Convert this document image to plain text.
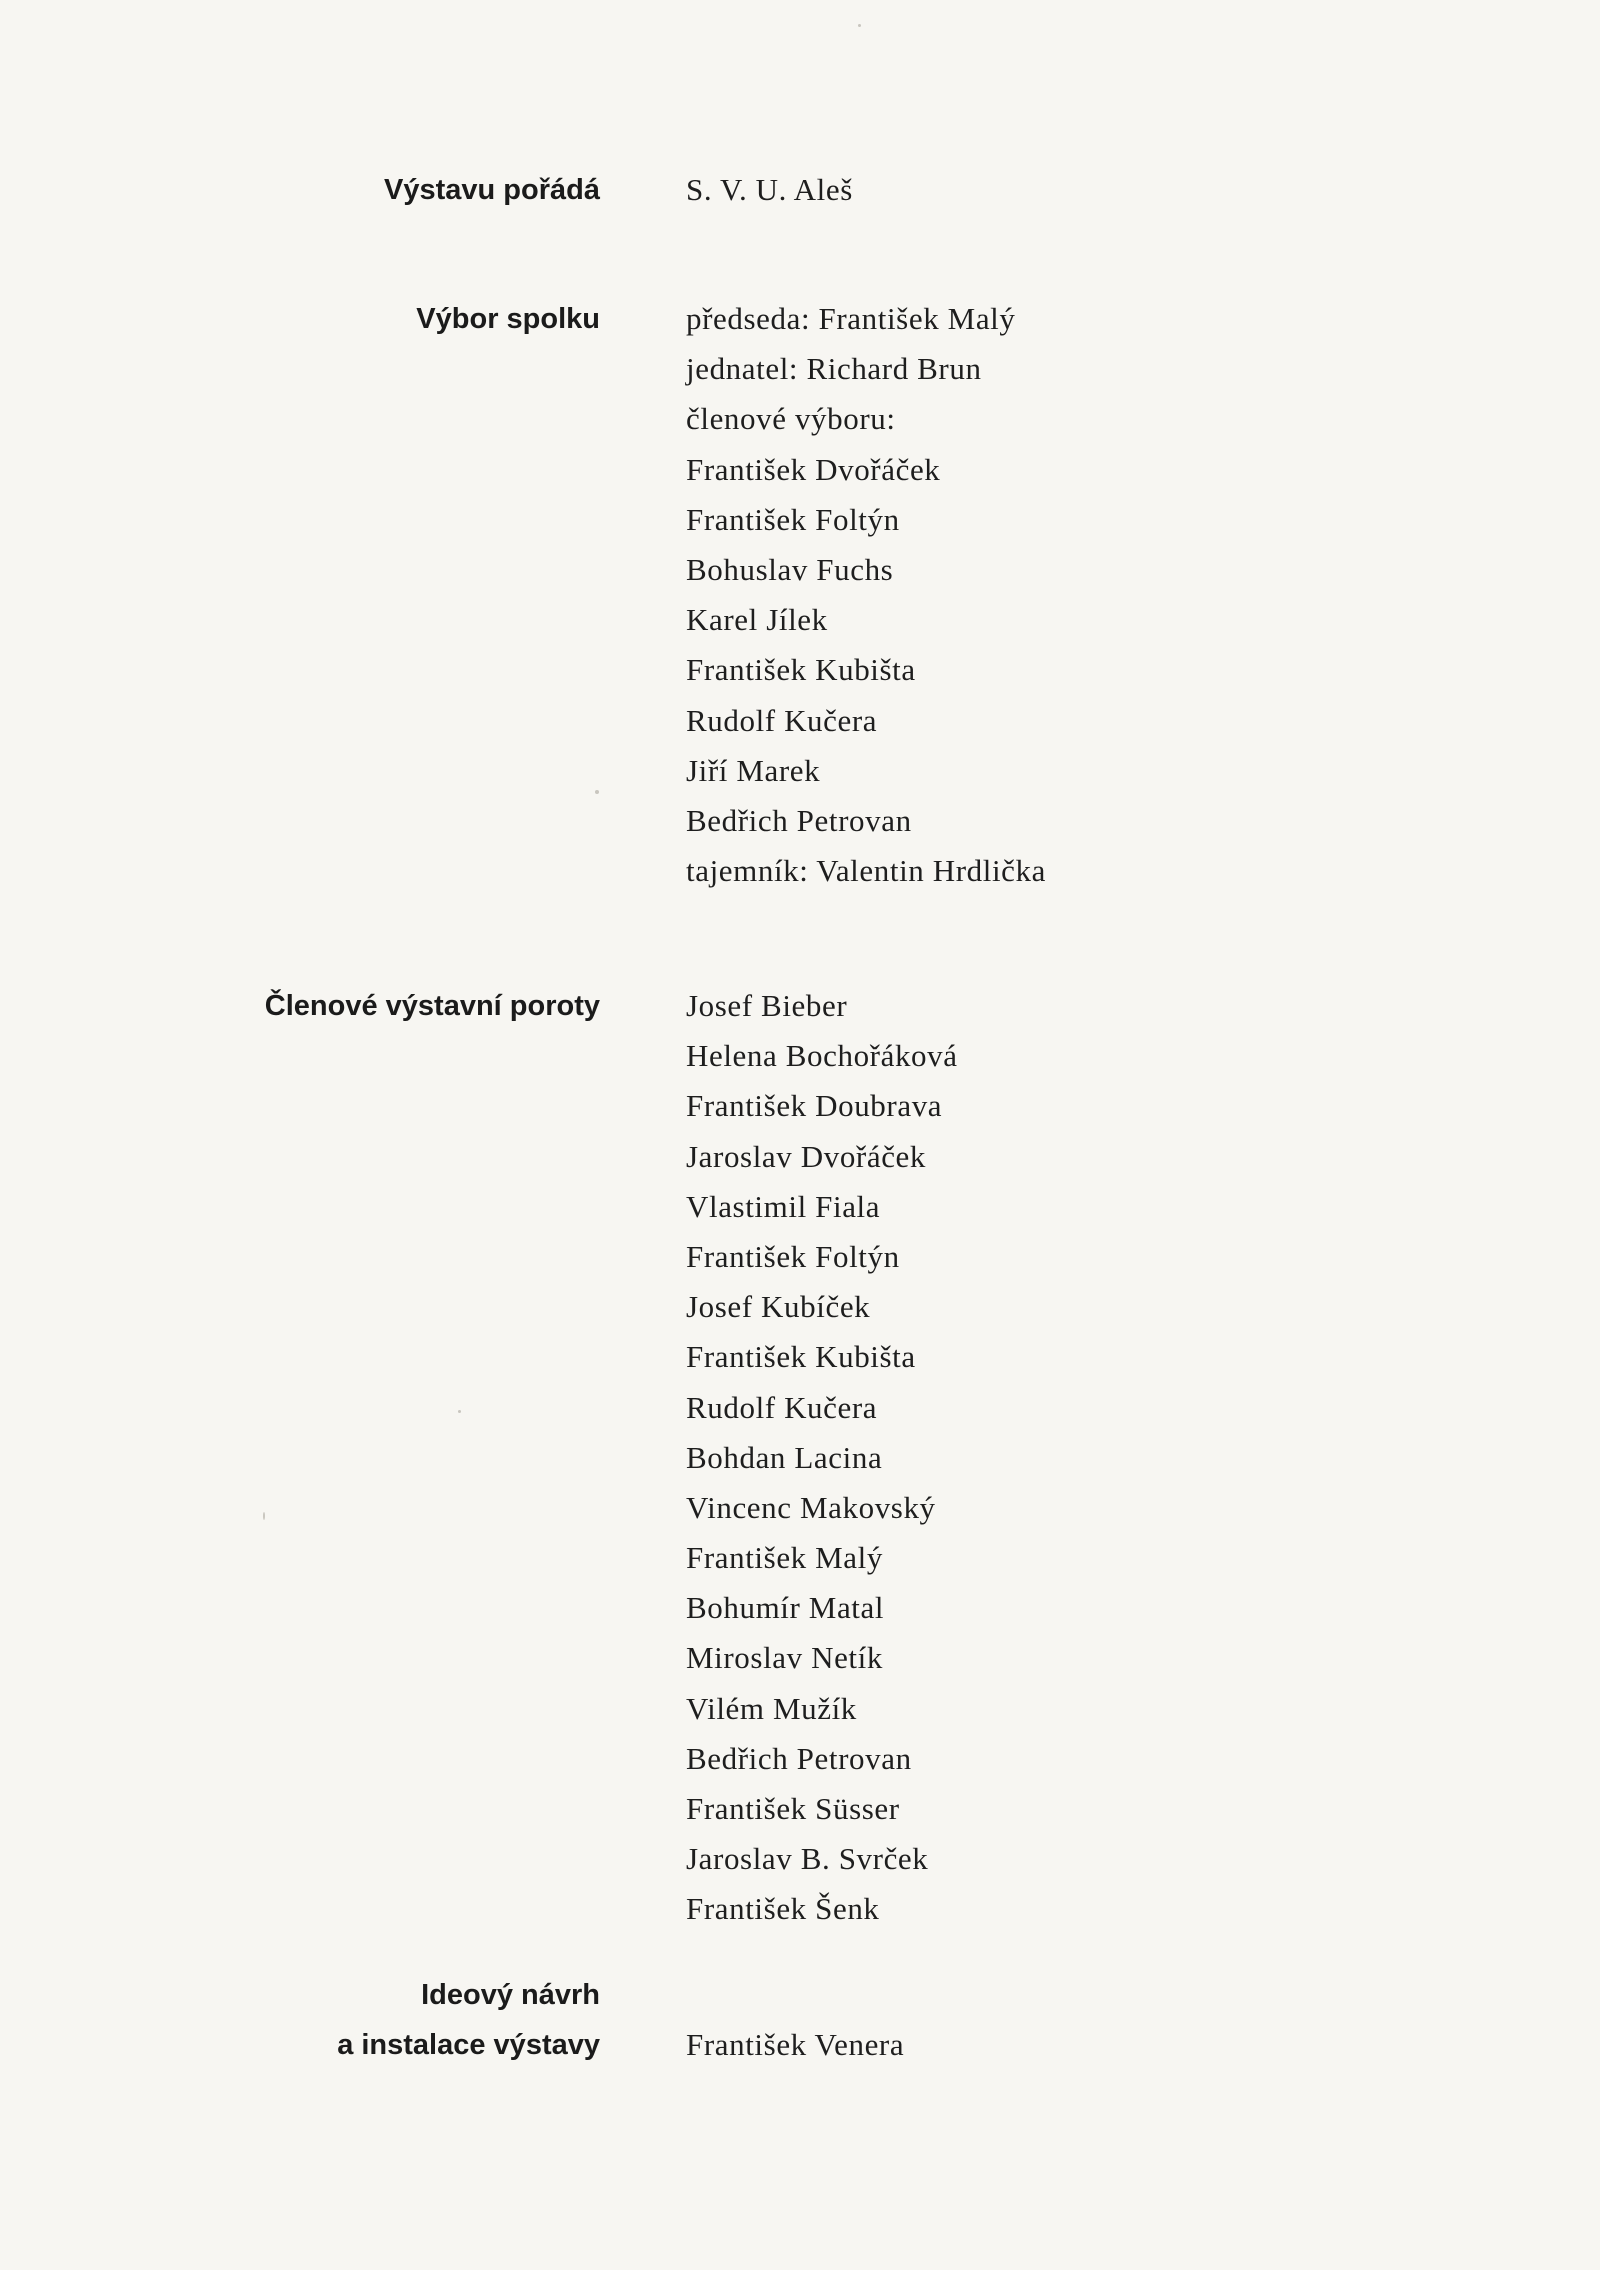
Výstavu pořádá	S. V. U. Aleš
Výbor spolku	předseda: František Malý
jednatel: Richard Brun
členové výboru:
František Dvořáček
František Foltýn
Bohuslav Fuchs
Karel Jílek
František Kubišta
Rudolf Kučera
Jiří Marek
Bedřich Petrovan
tajemník: Valentin Hrdlička
Členové výstavní poroty	Josef Bieber
Helena Bochořáková
František Doubrava
Jaroslav Dvořáček
Vlastimil Fiala
František Foltýn
Josef Kubíček
František Kubišta
Rudolf Kučera
Bohdan Lacina
Vincenc Makovský
František Malý
Bohumír Matal
Miroslav Netík
Vilém Mužík
Bedřich Petrovan
František Süsser
Jaroslav B. Svrček
František Šenk
Ideový návrh
a instalace výstavy	František Venera
